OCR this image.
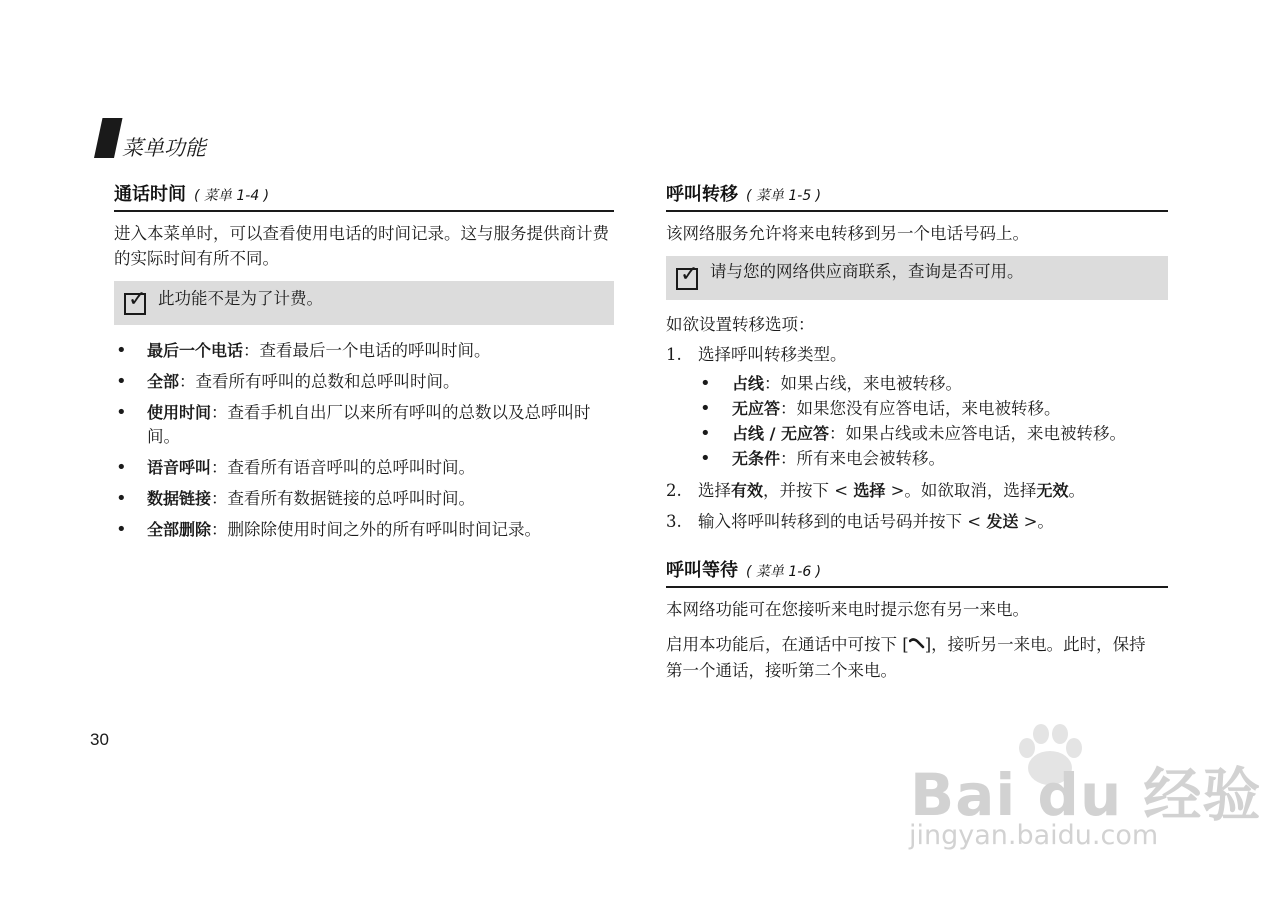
菜单功能
通话时间 ( 菜单 1-4 )

进入本菜单时，可以查看使用电话的时间记录。这与服务提供商计费的实际时间有所不同。

✓ 此功能不是为了计费。
• 最后一个电话：查看最后一个电话的呼叫时间。
• 全部：查看所有呼叫的总数和总呼叫时间。
• 使用时间：查看手机自出厂以来所有呼叫的总数以及总呼叫时间。
• 语音呼叫：查看所有语音呼叫的总呼叫时间。
• 数据链接：查看所有数据链接的总呼叫时间。
• 全部删除：删除除使用时间之外的所有呼叫时间记录。
呼叫转移 ( 菜单 1-5 )

该网络服务允许将来电转移到另一个电话号码上。

✓ 请与您的网络供应商联系，查询是否可用。

如欲设置转移选项：

1. 选择呼叫转移类型。
• 占线：如果占线，来电被转移。
• 无应答：如果您没有应答电话，来电被转移。
• 占线 / 无应答：如果占线或未应答电话，来电被转移。
• 无条件：所有来电会被转移。
2. 选择有效，并按下 < 选择 >。如欲取消，选择无效。
3. 输入将呼叫转移到的电话号码并按下 < 发送 >。
呼叫等待 ( 菜单 1-6 )

本网络功能可在您接听来电时提示您有另一来电。

启用本功能后，在通话中可按下 [ ]，接听另一来电。此时，保持第一个通话，接听第二个来电。

30
Bai du 经验
jingyan.baidu.com
